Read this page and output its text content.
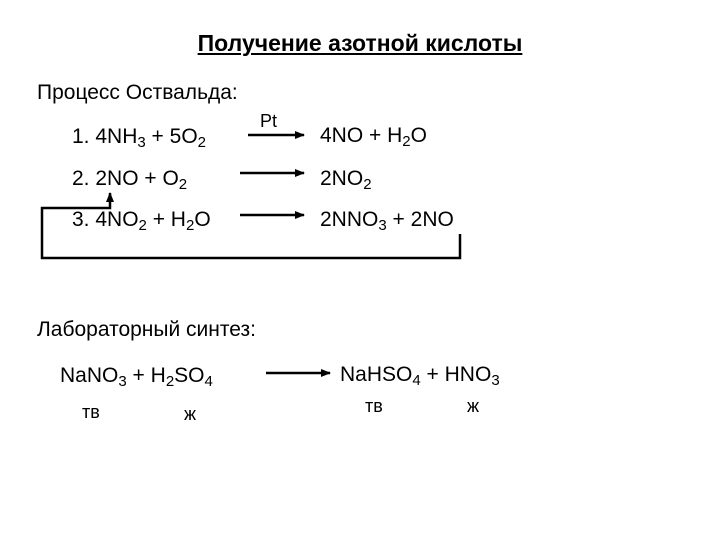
Получение азотной кислоты
Процесс Оствальда:
Pt
1. $4NH_3 + 5O_2$	$4NO + H_2O$
2. $2NO + O_2$	$2NO_2$
3. $4NO_2 + H_2O$	$2NNO_3 + 2NO$
Лабораторный синтез:
NaNO$_3$ + $H_2SO_4$	NaHSO$_4$ + $HNO_3$
тв	ж	тв	ж
